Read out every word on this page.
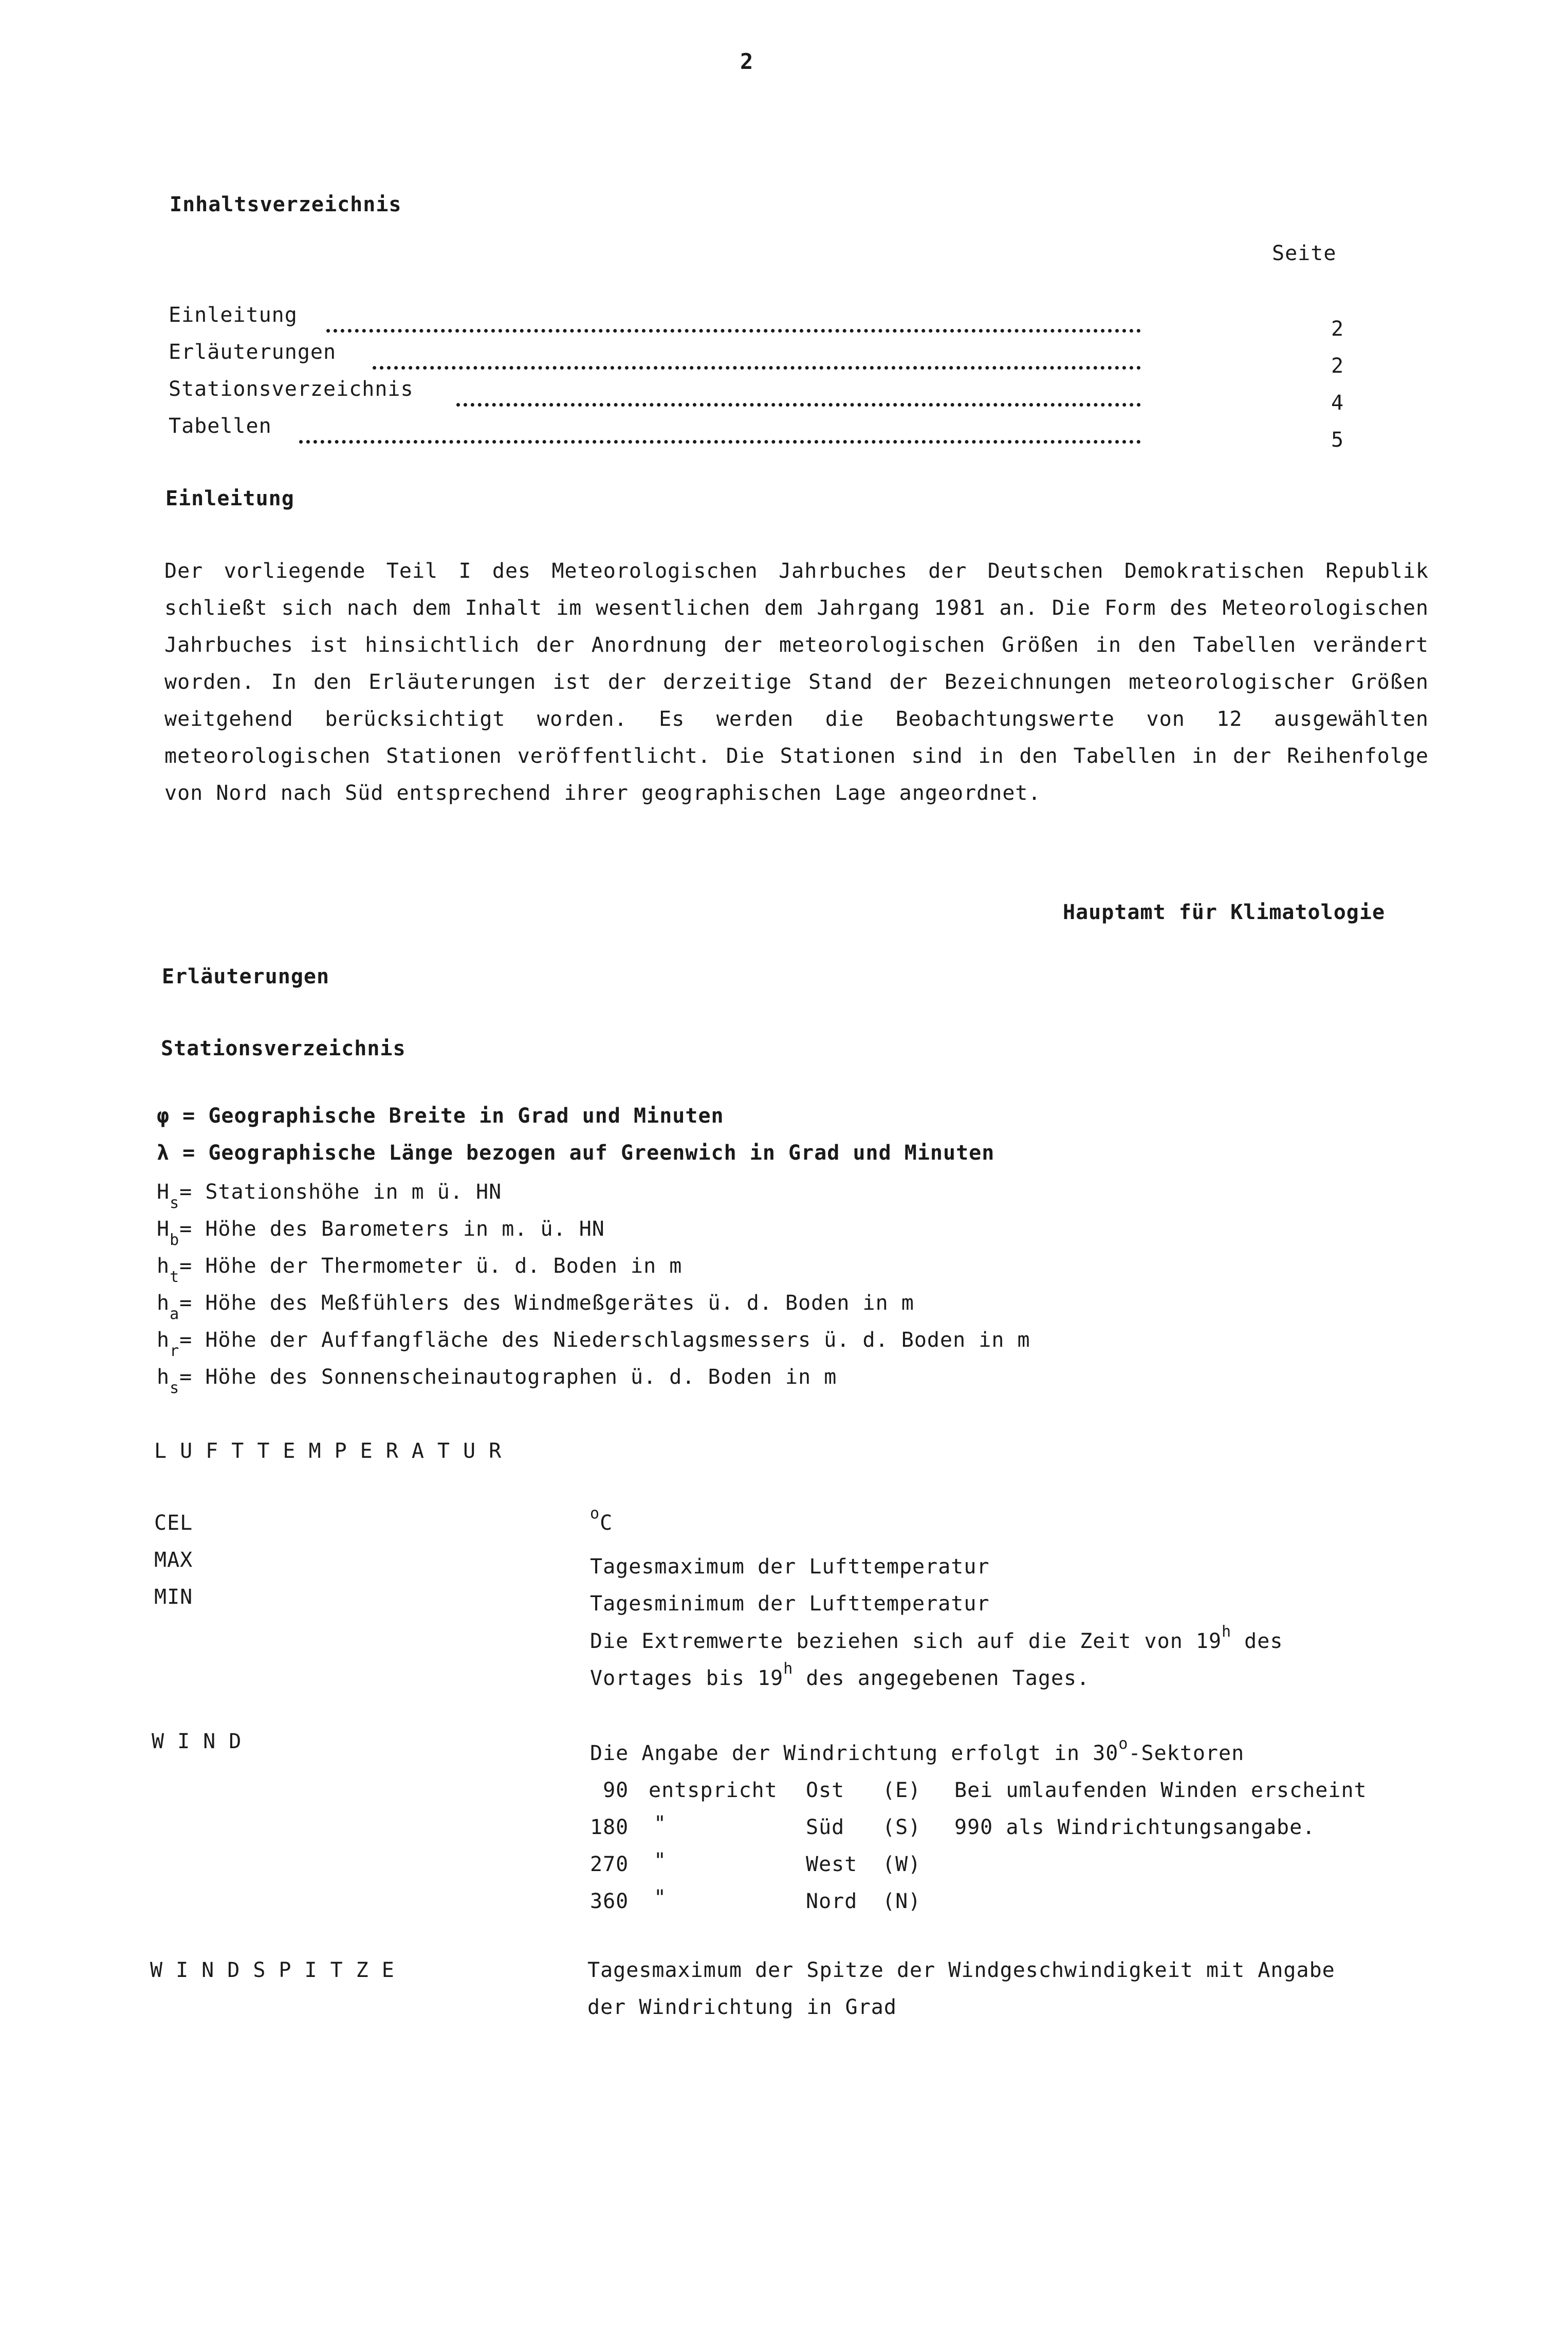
2
Inhaltsverzeichnis
Seite
Einleitung
2
Erläuterungen
2
Stationsverzeichnis
4
Tabellen
5
Einleitung
Der vorliegende Teil I des Meteorologischen Jahrbuches der Deutschen Demokratischen Republik schließt sich nach dem Inhalt im wesentlichen dem Jahrgang 1981 an. Die Form des Meteorologischen Jahrbuches ist hinsichtlich der Anordnung der meteorologischen Größen in den Tabellen verändert worden. In den Erläuterungen ist der derzeitige Stand der Bezeichnungen meteorologischer Größen weitgehend berücksichtigt worden. Es werden die Beobachtungswerte von 12 ausgewählten meteorologischen Stationen veröffentlicht. Die Stationen sind in den Tabellen in der Reihenfolge von Nord nach Süd entsprechend ihrer geographischen Lage angeordnet.
Hauptamt für Klimatologie
Erläuterungen
Stationsverzeichnis
φ = Geographische Breite in Grad und Minuten
λ = Geographische Länge bezogen auf Greenwich in Grad und Minuten
$H_s=$ Stationshöhe in m ü. HN
$H_b=$ Höhe des Barometers in m. ü. HN
$h_t=$ Höhe der Thermometer ü. d. Boden in m
$h_a=$ Höhe des Meßfühlers des Windmeßgerätes ü. d. Boden in m
$h_r=$ Höhe der Auffangfläche des Niederschlagsmessers ü. d. Boden in m
$h_s=$ Höhe des Sonnenscheinautographen ü. d. Boden in m
LUFTTEMPERATUR
CEL	$^o$C
MAX	Tagesmaximum der Lufttemperatur
MIN	Tagesminimum der Lufttemperatur
Die Extremwerte beziehen sich auf die Zeit von 19$^h$ des
Vortages bis 19$^h$ des angegebenen Tages.
WIND	Die Angabe der Windrichtung erfolgt in 30$^o$-Sektoren
90 entspricht Ost (E)
180 "	Süd (S)
270 "	West (W)
360 "	Nord (N)
Bei umlaufenden Winden erscheint
990 als Windrichtungsangabe.
WINDSPITZE	Tagesmaximum der Spitze der Windgeschwindigkeit mit Angabe
der Windrichtung in Grad
